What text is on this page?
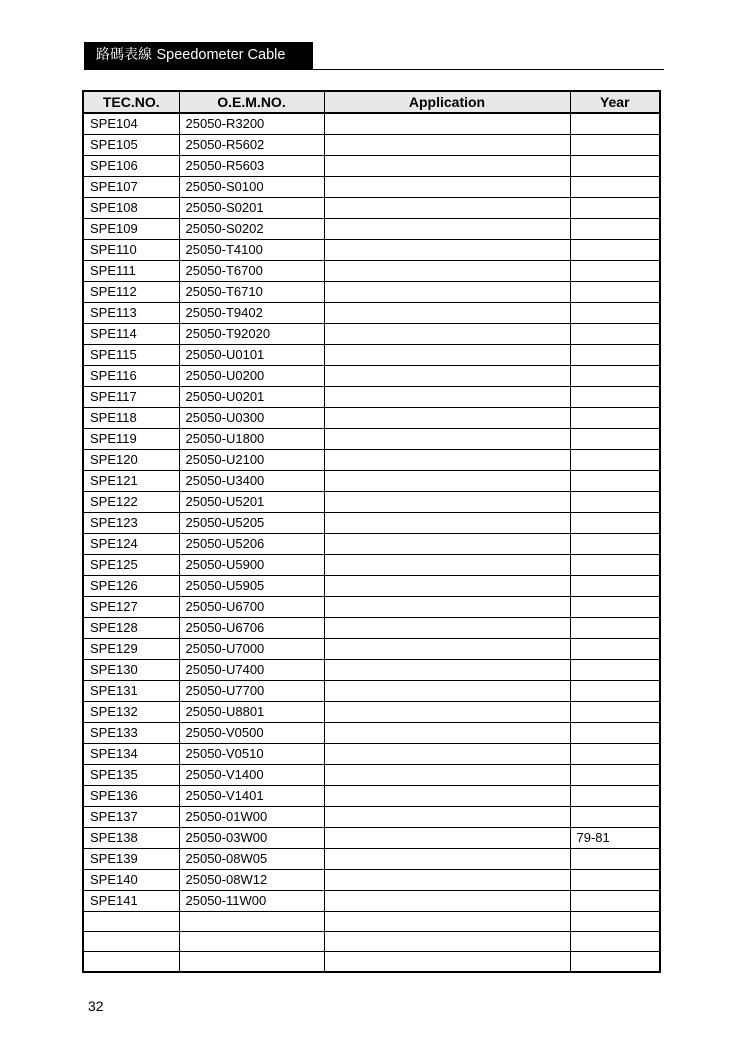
路碼表線 Speedometer Cable
TEC.NO.	O.E.M.NO.	Application	Year
SPE104	25050-R3200		
SPE105	25050-R5602		
SPE106	25050-R5603		
SPE107	25050-S0100		
SPE108	25050-S0201		
SPE109	25050-S0202		
SPE110	25050-T4100		
SPE111	25050-T6700		
SPE112	25050-T6710		
SPE113	25050-T9402		
SPE114	25050-T92020		
SPE115	25050-U0101		
SPE116	25050-U0200		
SPE117	25050-U0201		
SPE118	25050-U0300		
SPE119	25050-U1800		
SPE120	25050-U2100		
SPE121	25050-U3400		
SPE122	25050-U5201		
SPE123	25050-U5205		
SPE124	25050-U5206		
SPE125	25050-U5900		
SPE126	25050-U5905		
SPE127	25050-U6700		
SPE128	25050-U6706		
SPE129	25050-U7000		
SPE130	25050-U7400		
SPE131	25050-U7700		
SPE132	25050-U8801		
SPE133	25050-V0500		
SPE134	25050-V0510		
SPE135	25050-V1400		
SPE136	25050-V1401		
SPE137	25050-01W00		
SPE138	25050-03W00		79-81
SPE139	25050-08W05		
SPE140	25050-08W12		
SPE141	25050-11W00		

32
